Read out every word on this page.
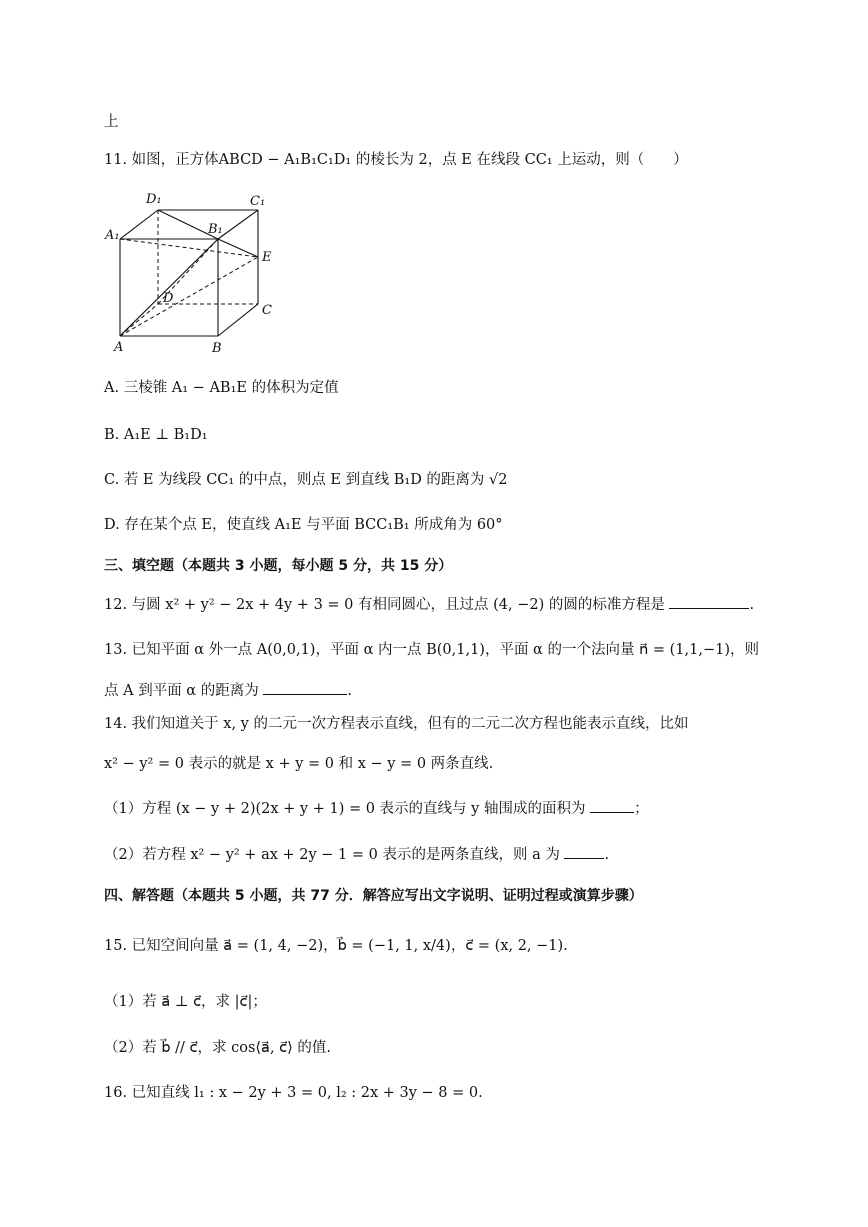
上
11. 如图，正方体ABCD − A₁B₁C₁D₁ 的棱长为 2，点 E 在线段 CC₁ 上运动，则（　　）
A₁
D₁	C₁
B₁
E
D
C
A	B
A. 三棱锥 A₁ − AB₁E 的体积为定值
B. A₁E ⊥ B₁D₁
C. 若 E 为线段 CC₁ 的中点，则点 E 到直线 B₁D 的距离为 √2
D. 存在某个点 E，使直线 A₁E 与平面 BCC₁B₁ 所成角为 60°
三、填空题（本题共 3 小题，每小题 5 分，共 15 分）
12. 与圆 x² + y² − 2x + 4y + 3 = 0 有相同圆心，且过点 (4, −2) 的圆的标准方程是	.
13. 已知平面 α 外一点 A(0,0,1)，平面 α 内一点 B(0,1,1)，平面 α 的一个法向量 n⃗ = (1,1,−1)，则
点 A 到平面 α 的距离为	.
14. 我们知道关于 x, y 的二元一次方程表示直线，但有的二元二次方程也能表示直线，比如
x² − y² = 0 表示的就是 x + y = 0 和 x − y = 0 两条直线.
（1）方程 (x − y + 2)(2x + y + 1) = 0 表示的直线与 y 轴围成的面积为	；
（2）若方程 x² − y² + ax + 2y − 1 = 0 表示的是两条直线，则 a 为	.
四、解答题（本题共 5 小题，共 77 分．解答应写出文字说明、证明过程或演算步骤）
15. 已知空间向量 a⃗ = (1, 4, −2)，b⃗ = (−1, 1, x/4)，c⃗ = (x, 2, −1).
（1）若 a⃗ ⊥ c⃗，求 |c⃗|；
（2）若 b⃗ // c⃗，求 cos⟨a⃗, c⃗⟩ 的值.
16. 已知直线 l₁ : x − 2y + 3 = 0, l₂ : 2x + 3y − 8 = 0.
